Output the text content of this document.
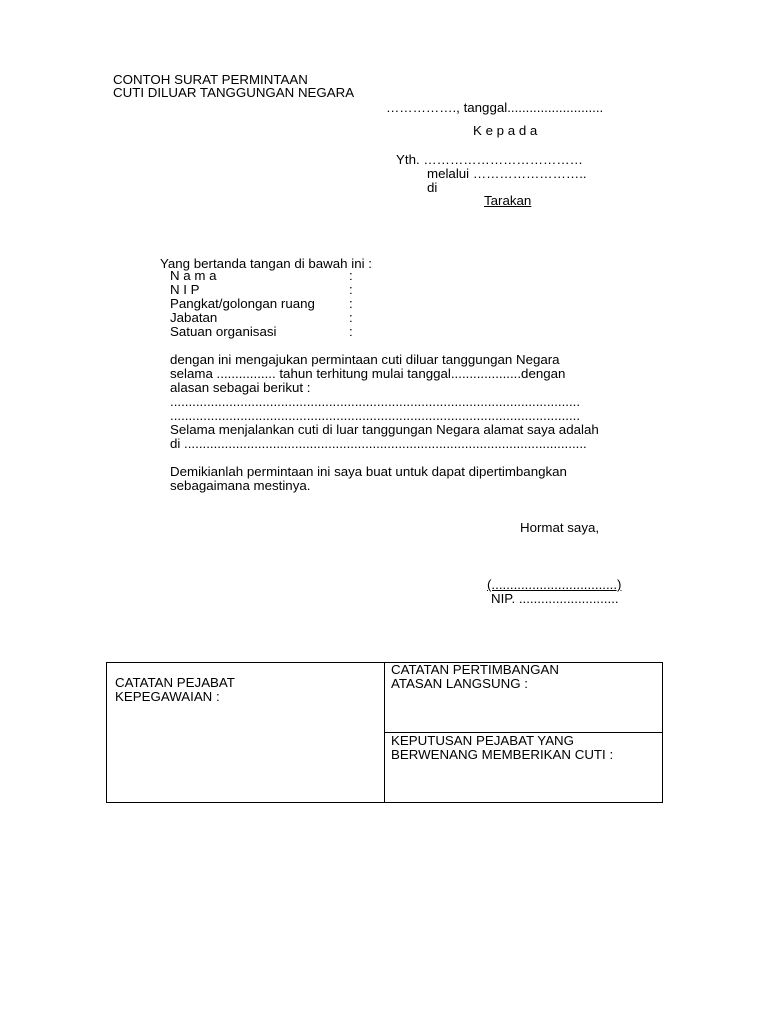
CONTOH SURAT PERMINTAAN
CUTI DILUAR TANGGUNGAN NEGARA
……………., tanggal..........................
K e p a d a
Yth. ………………………………
melalui ……………………..
di
Tarakan
Yang bertanda tangan di bawah ini :
N a m a	:
N I P	:
Pangkat/golongan ruang	:
Jabatan	:
Satuan organisasi	:
dengan ini mengajukan permintaan cuti diluar tanggungan Negara
selama ................ tahun terhitung mulai tanggal...................dengan
alasan sebagai berikut :
...............................................................................................................
...............................................................................................................
Selama menjalankan cuti di luar tanggungan Negara alamat saya adalah
di .............................................................................................................
Demikianlah permintaan ini saya buat untuk dapat dipertimbangkan
sebagaimana mestinya.
Hormat saya,
(..................................)
NIP. ...........................
CATATAN PEJABAT
KEPEGAWAIAN :

CATATAN PERTIMBANGAN
ATASAN LANGSUNG :

KEPUTUSAN PEJABAT YANG
BERWENANG MEMBERIKAN CUTI :
